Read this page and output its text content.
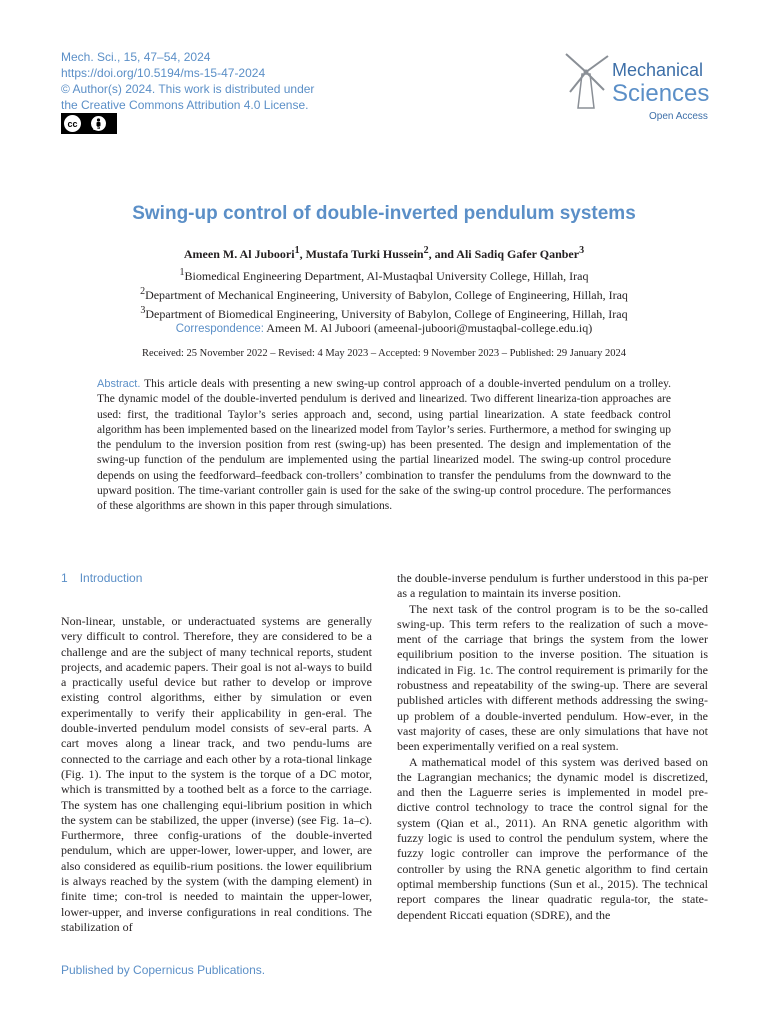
Mech. Sci., 15, 47–54, 2024
https://doi.org/10.5194/ms-15-47-2024
© Author(s) 2024. This work is distributed under
the Creative Commons Attribution 4.0 License.
cc
BY
Mechanical
Sciences
Open Access
Swing-up control of double-inverted pendulum systems
Ameen M. Al Juboori$^1$, Mustafa Turki Hussein$^2$, and Ali Sadiq Gafer Qanber$^3$
$^1$Biomedical Engineering Department, Al-Mustaqbal University College, Hillah, Iraq
$^2$Department of Mechanical Engineering, University of Babylon, College of Engineering, Hillah, Iraq
$^3$Department of Biomedical Engineering, University of Babylon, College of Engineering, Hillah, Iraq
Correspondence: Ameen M. Al Juboori (ameenal-juboori@mustaqbal-college.edu.iq)
Received: 25 November 2022 – Revised: 4 May 2023 – Accepted: 9 November 2023 – Published: 29 January 2024
Abstract. This article deals with presenting a new swing-up control approach of a double-inverted pendulum on a trolley. The dynamic model of the double-inverted pendulum is derived and linearized. Two different lineariza-tion approaches are used: first, the traditional Taylor’s series approach and, second, using partial linearization. A state feedback control algorithm has been implemented based on the linearized model from Taylor’s series. Furthermore, a method for swinging up the pendulum to the inversion position from rest (swing-up) has been presented. The design and implementation of the swing-up function of the pendulum are implemented using the partial linearized model. The swing-up control procedure depends on using the feedforward–feedback con-trollers’ combination to transfer the pendulums from the downward to the upward position. The time-variant controller gain is used for the sake of the swing-up control procedure. The performances of these algorithms are shown in this paper through simulations.
1 Introduction

Non-linear, unstable, or underactuated systems are generally very difficult to control. Therefore, they are considered to be a challenge and are the subject of many technical reports, student projects, and academic papers. Their goal is not al-ways to build a practically useful device but rather to develop or improve existing control algorithms, either by simulation or even experimentally to verify their applicability in gen-eral. The double-inverted pendulum model consists of sev-eral parts. A cart moves along a linear track, and two pendu-lums are connected to the carriage and each other by a rota-tional linkage (Fig. 1). The input to the system is the torque of a DC motor, which is transmitted by a toothed belt as a force to the carriage. The system has one challenging equi-librium position in which the system can be stabilized, the upper (inverse) (see Fig. 1a–c). Furthermore, three config-urations of the double-inverted pendulum, which are upper-lower, lower-upper, and lower, are also considered as equilib-rium positions. the lower equilibrium is always reached by the system (with the damping element) in finite time; con-trol is needed to maintain the upper-lower, lower-upper, and inverse configurations in real conditions. The stabilization of

the double-inverse pendulum is further understood in this pa-per as a regulation to maintain its inverse position.

The next task of the control program is to be the so-called swing-up. This term refers to the realization of such a move-ment of the carriage that brings the system from the lower equilibrium position to the inverse position. The situation is indicated in Fig. 1c. The control requirement is primarily for the robustness and repeatability of the swing-up. There are several published articles with different methods addressing the swing-up problem of a double-inverted pendulum. How-ever, in the vast majority of cases, these are only simulations that have not been experimentally verified on a real system.

A mathematical model of this system was derived based on the Lagrangian mechanics; the dynamic model is discretized, and then the Laguerre series is implemented in model pre-dictive control technology to trace the control signal for the system (Qian et al., 2011). An RNA genetic algorithm with fuzzy logic is used to control the pendulum system, where the fuzzy logic controller can improve the performance of the controller by using the RNA genetic algorithm to find certain optimal membership functions (Sun et al., 2015). The technical report compares the linear quadratic regula-tor, the state-dependent Riccati equation (SDRE), and the

Published by Copernicus Publications.
